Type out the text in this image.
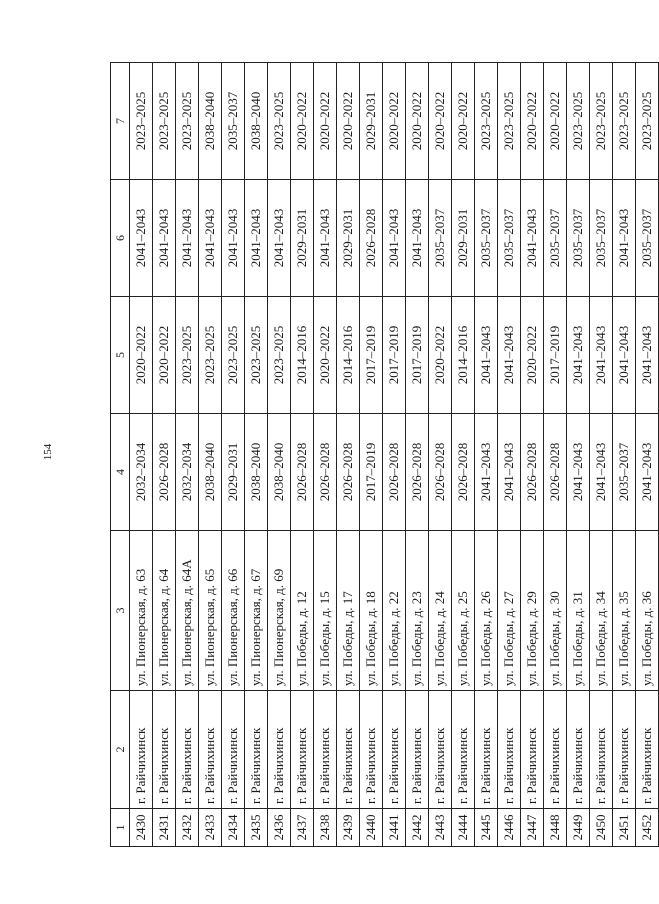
154
1	2	3	4	5	6	7
2430	г. Райчихинск	ул. Пионерская, д. 63	2032–2034	2020–2022	2041–2043	2023–2025
2431	г. Райчихинск	ул. Пионерская, д. 64	2026–2028	2020–2022	2041–2043	2023–2025
2432	г. Райчихинск	ул. Пионерская, д. 64А	2032–2034	2023–2025	2041–2043	2023–2025
2433	г. Райчихинск	ул. Пионерская, д. 65	2038–2040	2023–2025	2041–2043	2038–2040
2434	г. Райчихинск	ул. Пионерская, д. 66	2029–2031	2023–2025	2041–2043	2035–2037
2435	г. Райчихинск	ул. Пионерская, д. 67	2038–2040	2023–2025	2041–2043	2038–2040
2436	г. Райчихинск	ул. Пионерская, д. 69	2038–2040	2023–2025	2041–2043	2023–2025
2437	г. Райчихинск	ул. Победы, д. 12	2026–2028	2014–2016	2029–2031	2020–2022
2438	г. Райчихинск	ул. Победы, д. 15	2026–2028	2020–2022	2041–2043	2020–2022
2439	г. Райчихинск	ул. Победы, д. 17	2026–2028	2014–2016	2029–2031	2020–2022
2440	г. Райчихинск	ул. Победы, д. 18	2017–2019	2017–2019	2026–2028	2029–2031
2441	г. Райчихинск	ул. Победы, д. 22	2026–2028	2017–2019	2041–2043	2020–2022
2442	г. Райчихинск	ул. Победы, д. 23	2026–2028	2017–2019	2041–2043	2020–2022
2443	г. Райчихинск	ул. Победы, д. 24	2026–2028	2020–2022	2035–2037	2020–2022
2444	г. Райчихинск	ул. Победы, д. 25	2026–2028	2014–2016	2029–2031	2020–2022
2445	г. Райчихинск	ул. Победы, д. 26	2041–2043	2041–2043	2035–2037	2023–2025
2446	г. Райчихинск	ул. Победы, д. 27	2041–2043	2041–2043	2035–2037	2023–2025
2447	г. Райчихинск	ул. Победы, д. 29	2026–2028	2020–2022	2041–2043	2020–2022
2448	г. Райчихинск	ул. Победы, д. 30	2026–2028	2017–2019	2035–2037	2020–2022
2449	г. Райчихинск	ул. Победы, д. 31	2041–2043	2041–2043	2035–2037	2023–2025
2450	г. Райчихинск	ул. Победы, д. 34	2041–2043	2041–2043	2035–2037	2023–2025
2451	г. Райчихинск	ул. Победы, д. 35	2035–2037	2041–2043	2041–2043	2023–2025
2452	г. Райчихинск	ул. Победы, д. 36	2041–2043	2041–2043	2035–2037	2023–2025
